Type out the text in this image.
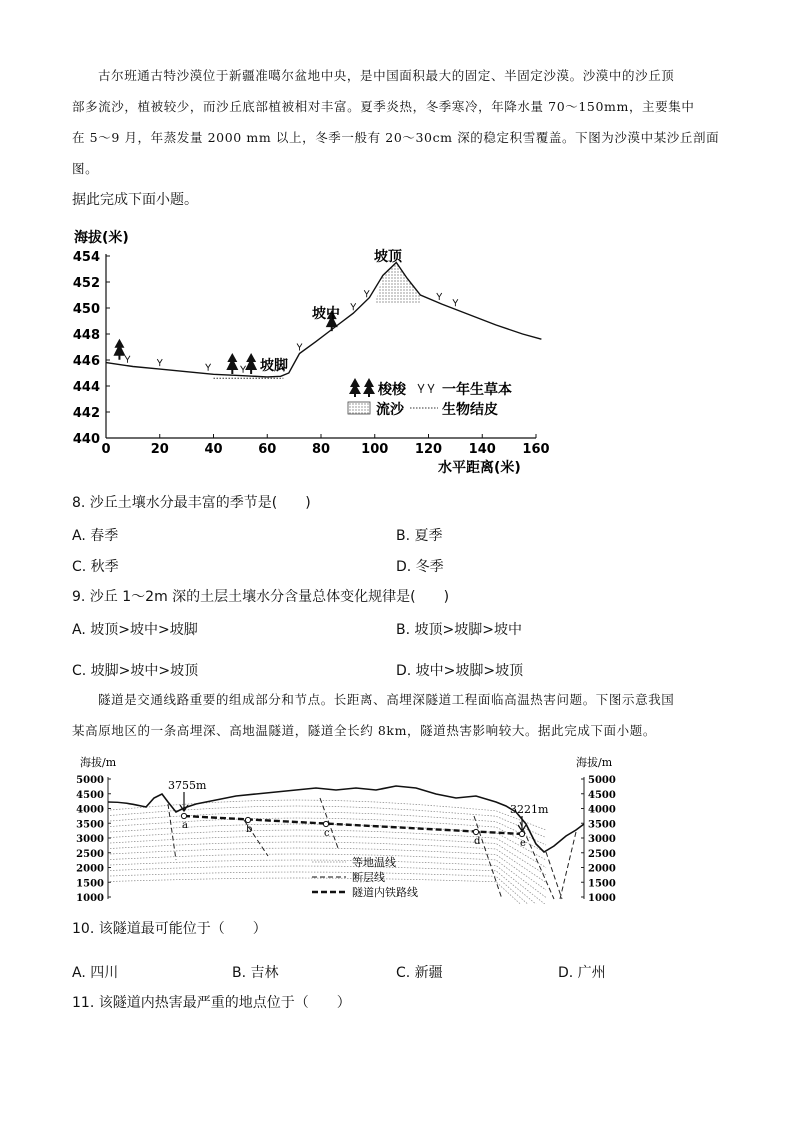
古尔班通古特沙漠位于新疆准噶尔盆地中央，是中国面积最大的固定、半固定沙漠。沙漠中的沙丘顶
部多流沙，植被较少，而沙丘底部植被相对丰富。夏季炎热，冬季寒冷，年降水量 70～150mm，主要集中
在 5～9 月，年蒸发量 2000 mm 以上，冬季一般有 20～30cm 深的稳定积雪覆盖。下图为沙漠中某沙丘剖面
图。
据此完成下面小题。
海拔(米)
454
452
450
448
446
444
442
440
0	20	40	60	80 100 120 140 160
坡顶
坡中
坡脚
梭梭	一年生草本
流沙	生物结皮
水平距离(米)
8. 沙丘土壤水分最丰富的季节是(　　)
A. 春季	B. 夏季
C. 秋季	D. 冬季
9. 沙丘 1～2m 深的土层土壤水分含量总体变化规律是(　　)
A. 坡顶>坡中>坡脚	B. 坡顶>坡脚>坡中
C. 坡脚>坡中>坡顶	D. 坡中>坡脚>坡顶
隧道是交通线路重要的组成部分和节点。长距离、高埋深隧道工程面临高温热害问题。下图示意我国
某高原地区的一条高埋深、高地温隧道，隧道全长约 8km，隧道热害影响较大。据此完成下面小题。
海拔/m	海拔/m
5000	5000
4500	4500
4000	4000
3500	3500
3000	3000
2500	2500
2000	2000
1500	1500
1000	1000
a	b	c
d	e
3755m
3221m
等地温线
断层线
隧道内铁路线
10. 该隧道最可能位于（　　）
A. 四川	B. 吉林	C. 新疆	D. 广州
11. 该隧道内热害最严重的地点位于（　　）
